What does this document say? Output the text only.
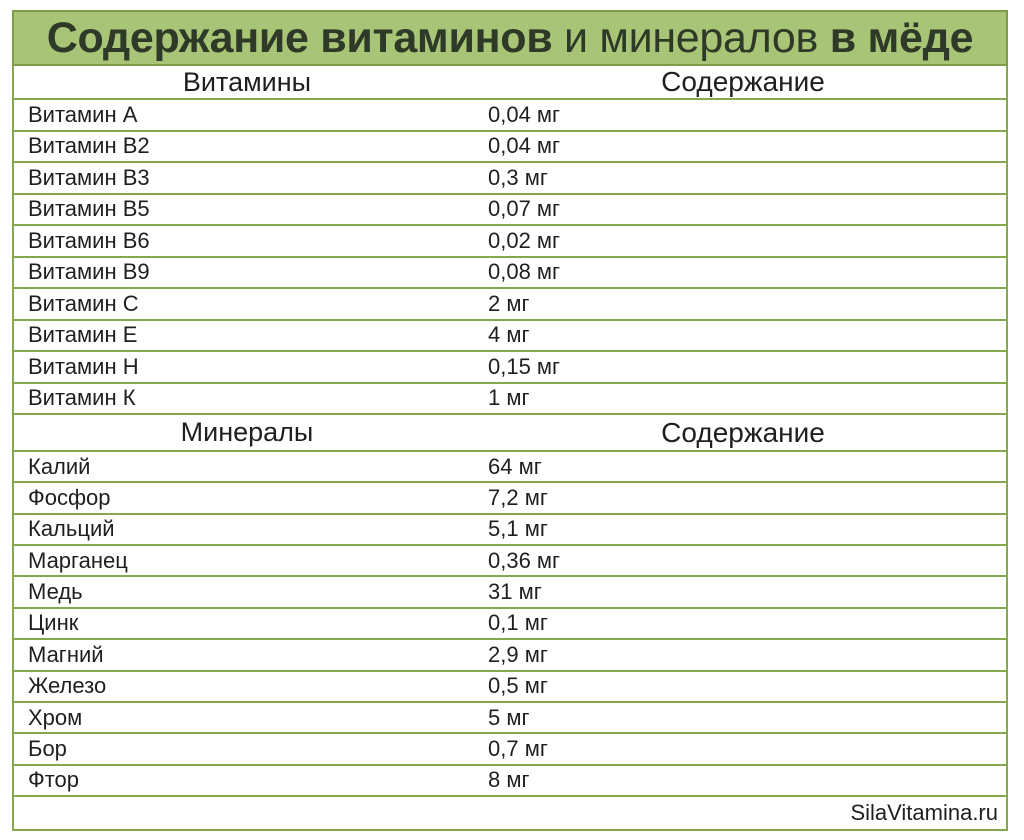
Содержание витаминов и минералов в мёде
Витамины	Содержание
Витамин А	0,04 мг
Витамин В2	0,04 мг
Витамин В3	0,3 мг
Витамин В5	0,07 мг
Витамин В6	0,02 мг
Витамин В9	0,08 мг
Витамин С	2 мг
Витамин Е	4 мг
Витамин Н	0,15 мг
Витамин К	1 мг
Минералы	Содержание
Калий	64 мг
Фосфор	7,2 мг
Кальций	5,1 мг
Марганец	0,36 мг
Медь	31 мг
Цинк	0,1 мг
Магний	2,9 мг
Железо	0,5 мг
Хром	5 мг
Бор	0,7 мг
Фтор	8 мг
SilaVitamina.ru
